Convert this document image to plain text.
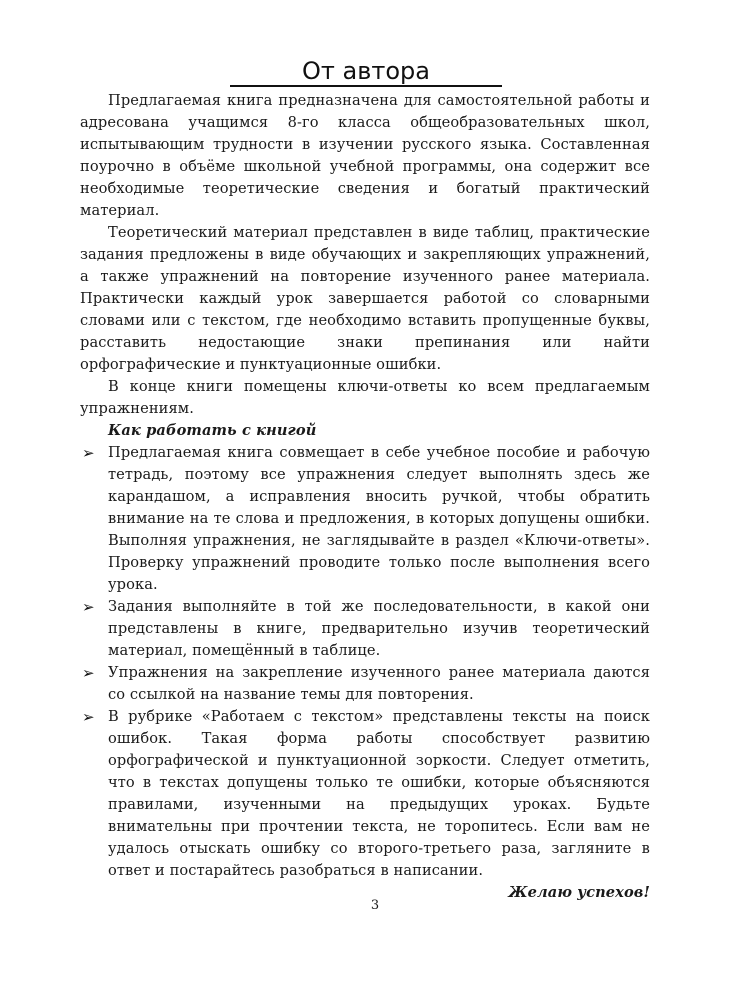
От автора

Предлагаемая книга предназначена для самостоятельной работы и адресована учащимся 8-го класса общеобразовательных школ, испытывающим трудности в изучении русского языка. Составленная поурочно в объёме школьной учебной программы, она содержит все необходимые теоретические сведения и богатый практический материал.

Теоретический материал представлен в виде таблиц, практические задания предложены в виде обучающих и закрепляющих упражнений, а также упражнений на повторение изученного ранее материала. Практически каждый урок завершается работой со словарными словами или с текстом, где необходимо вставить пропущенные буквы, расставить недостающие знаки препинания или найти орфографические и пунктуационные ошибки.

В конце книги помещены ключи-ответы ко всем предлагаемым упражнениям.

Как работать с книгой
➢ Предлагаемая книга совмещает в себе учебное пособие и рабочую тетрадь, поэтому все упражнения следует выполнять здесь же карандашом, а исправления вносить ручкой, чтобы обратить внимание на те слова и предложения, в которых допущены ошибки. Выполняя упражнения, не заглядывайте в раздел «Ключи-ответы». Проверку упражнений проводите только после выполнения всего урока.
➢ Задания выполняйте в той же последовательности, в какой они представлены в книге, предварительно изучив теоретический материал, помещённый в таблице.
➢ Упражнения на закрепление изученного ранее материала даются со ссылкой на название темы для повторения.
➢ В рубрике «Работаем с текстом» представлены тексты на поиск ошибок. Такая форма работы способствует развитию орфографической и пунктуационной зоркости. Следует отметить, что в текстах допущены только те ошибки, которые объясняются правилами, изученными на предыдущих уроках. Будьте внимательны при прочтении текста, не торопитесь. Если вам не удалось отыскать ошибку со второго-третьего раза, загляните в ответ и постарайтесь разобраться в написании.

Желаю успехов!

3
